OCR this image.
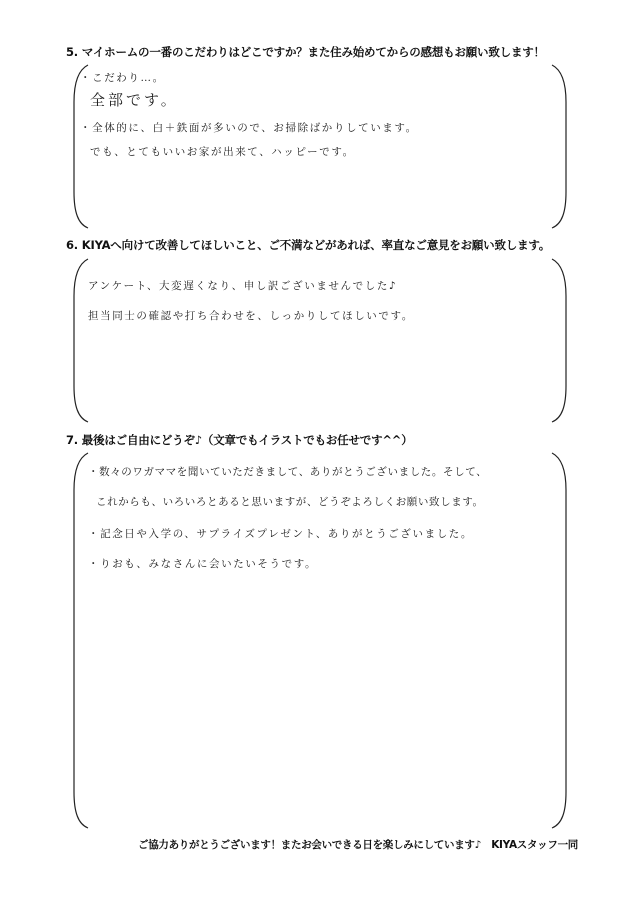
5. マイホームの一番のこだわりはどこですか？また住み始めてからの感想もお願い致します！
・こだわり…。
全部です。
・全体的に、白＋鉄面が多いので、お掃除ばかりしています。
でも、とてもいいお家が出来て、ハッピーです。
6. KIYAへ向けて改善してほしいこと、ご不満などがあれば、率直なご意見をお願い致します。
アンケート、大変遅くなり、申し訳ございませんでした♪
担当同士の確認や打ち合わせを、しっかりしてほしいです。
7. 最後はご自由にどうぞ♪（文章でもイラストでもお任せです^^）
・数々のワガママを聞いていただきまして、ありがとうございました。そして、
これからも、いろいろとあると思いますが、どうぞよろしくお願い致します。
・記念日や入学の、サプライズプレゼント、ありがとうございました。
・りおも、みなさんに会いたいそうです。
ご協力ありがとうございます！またお会いできる日を楽しみにしています♪　KIYAスタッフ一同
